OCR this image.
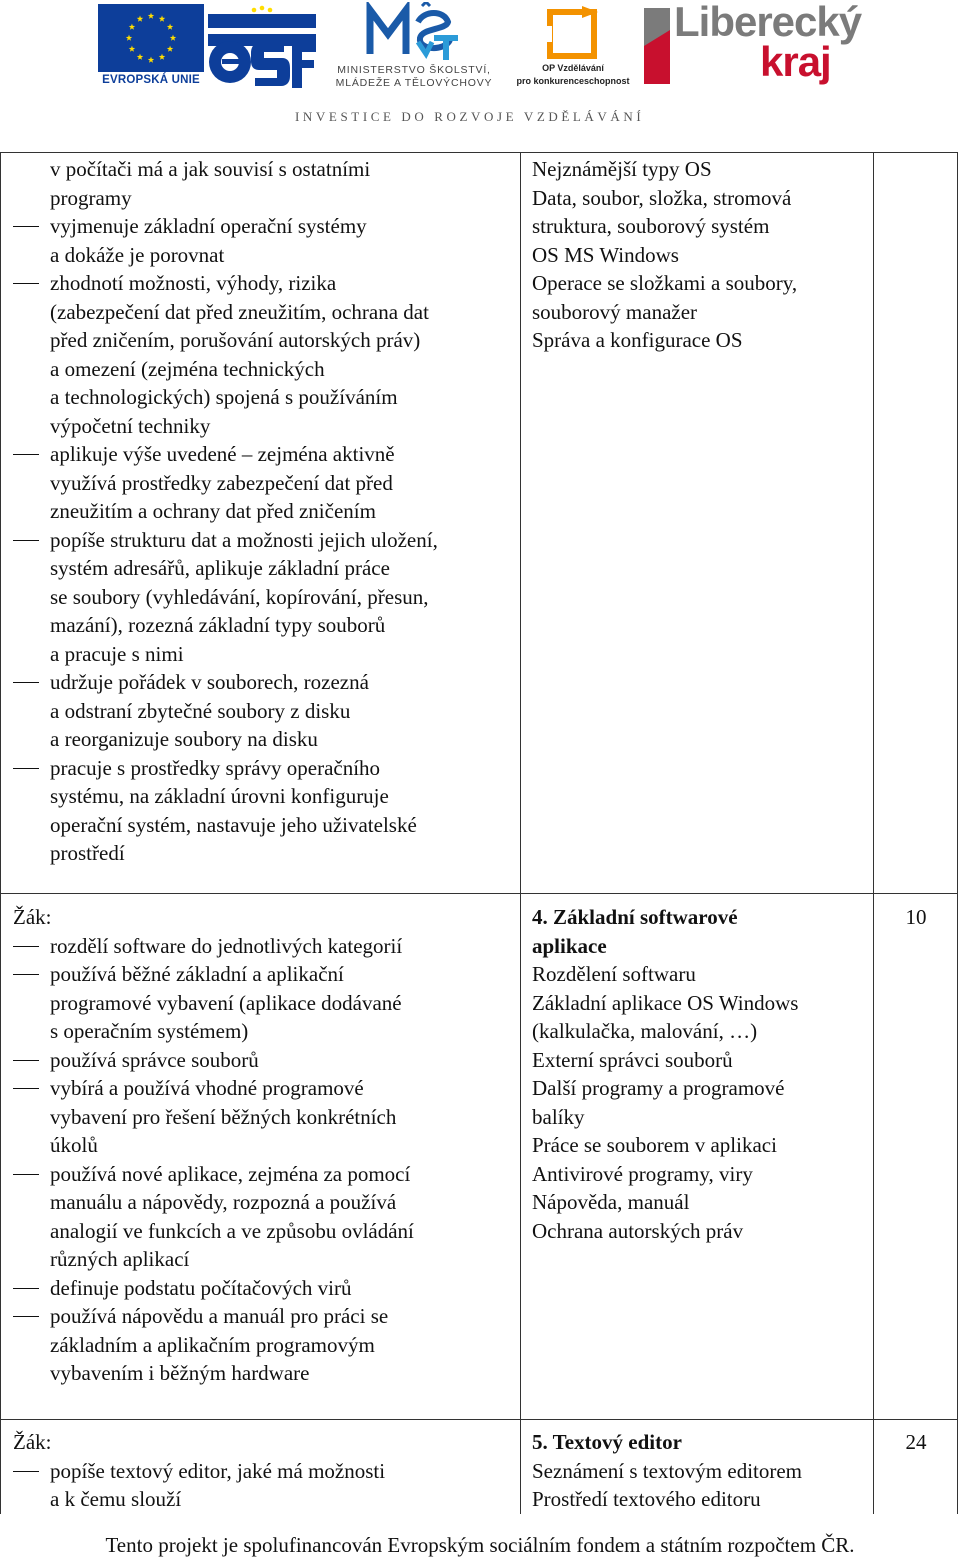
EVROPSKÁ UNIE
MINISTERSTVO ŠKOLSTVÍ,
MLÁDEŽE A TĚLOVÝCHOVY
OP Vzdělávání
pro konkurenceschopnost
Liberecký
kraj
INVESTICE DO ROZVOJE VZDĚLÁVÁNÍ
v počítači má a jak souvisí s ostatními
programy
vyjmenuje základní operační systémy
a dokáže je porovnat
zhodnotí možnosti, výhody, rizika
(zabezpečení dat před zneužitím, ochrana dat
před zničením, porušování autorských práv)
a omezení (zejména technických
a technologických) spojená s používáním
výpočetní techniky
aplikuje výše uvedené – zejména aktivně
využívá prostředky zabezpečení dat před
zneužitím a ochrany dat před zničením
popíše strukturu dat a možnosti jejich uložení,
systém adresářů, aplikuje základní práce
se soubory (vyhledávání, kopírování, přesun,
mazání), rozezná základní typy souborů
a pracuje s nimi
udržuje pořádek v souborech, rozezná
a odstraní zbytečné soubory z disku
a reorganizuje soubory na disku
pracuje s prostředky správy operačního
systému, na základní úrovni konfiguruje
operační systém, nastavuje jeho uživatelské
prostředí
Nejznámější typy OS
Data, soubor, složka, stromová
struktura, souborový systém
OS MS Windows
Operace se složkami a soubory,
souborový manažer
Správa a konfigurace OS
Žák:
rozdělí software do jednotlivých kategorií
používá běžné základní a aplikační
programové vybavení (aplikace dodávané
s operačním systémem)
používá správce souborů
vybírá a používá vhodné programové
vybavení pro řešení běžných konkrétních
úkolů
používá nové aplikace, zejména za pomocí
manuálu a nápovědy, rozpozná a používá
analogií ve funkcích a ve způsobu ovládání
různých aplikací
definuje podstatu počítačových virů
používá nápovědu a manuál pro práci se
základním a aplikačním programovým
vybavením i běžným hardware
4. Základní softwarové
aplikace
Rozdělení softwaru
Základní aplikace OS Windows
(kalkulačka, malování, …)
Externí správci souborů
Další programy a programové
balíky
Práce se souborem v aplikaci
Antivirové programy, viry
Nápověda, manuál
Ochrana autorských práv
10
Žák:
popíše textový editor, jaké má možnosti
a k čemu slouží
5. Textový editor
Seznámení s textovým editorem
Prostředí textového editoru
24
Tento projekt je spolufinancován Evropským sociálním fondem a státním rozpočtem ČR.
